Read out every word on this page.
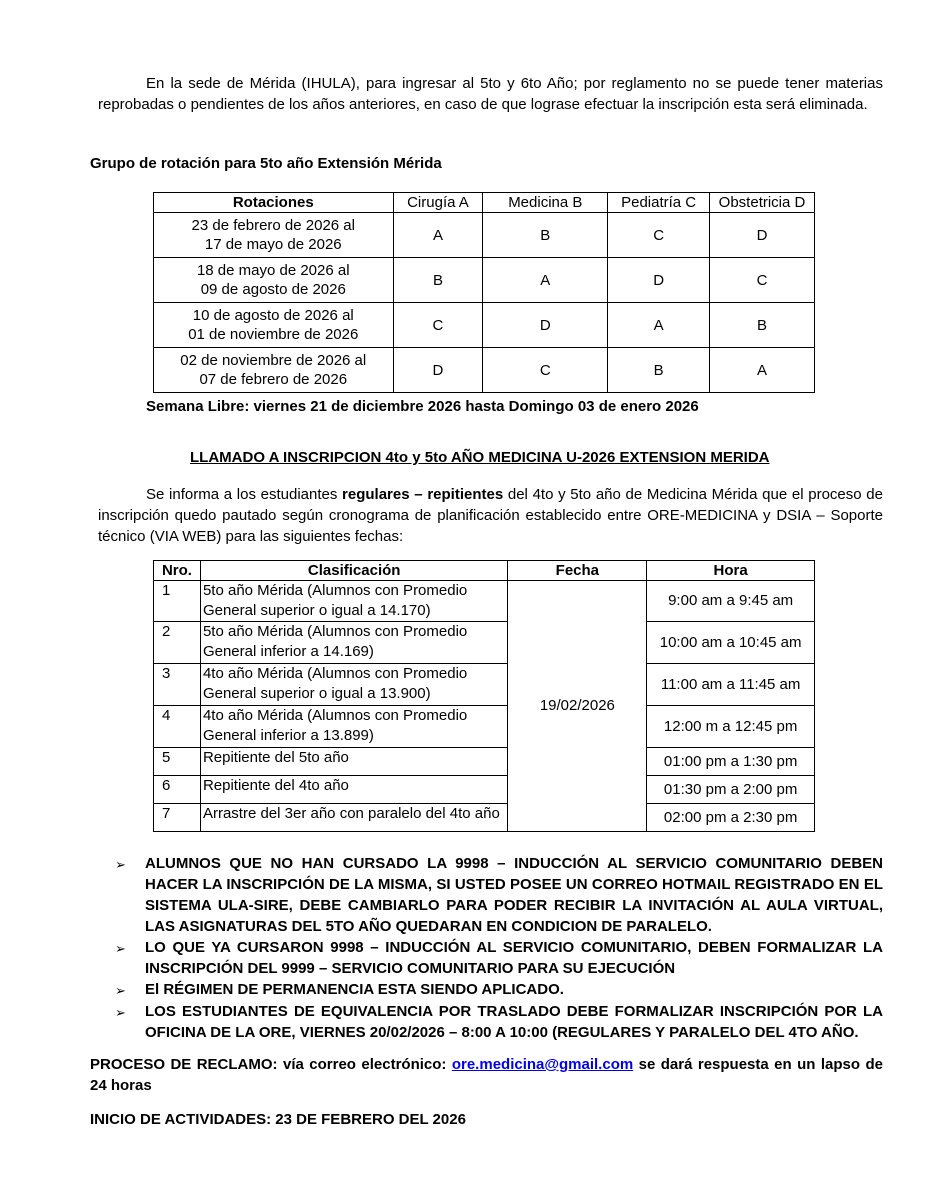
En la sede de Mérida (IHULA), para ingresar al 5to y 6to Año; por reglamento no se puede tener materias reprobadas o pendientes de los años anteriores, en caso de que lograse efectuar la inscripción esta será eliminada.
Grupo de rotación para 5to año Extensión Mérida
Rotaciones	Cirugía A	Medicina B	Pediatría C	Obstetricia D
23 de febrero de 2026 al
17 de mayo de 2026	A	B	C	D
18 de mayo de 2026 al
09 de agosto de 2026	B	A	D	C
10 de agosto de 2026 al
01 de noviembre de 2026	C	D	A	B
02 de noviembre de 2026 al
07 de febrero de 2026	D	C	B	A
Semana Libre: viernes 21 de diciembre 2026 hasta Domingo 03 de enero 2026
LLAMADO A INSCRIPCION 4to y 5to AÑO MEDICINA U-2026 EXTENSION MERIDA
Se informa a los estudiantes regulares – repitientes del 4to y 5to año de Medicina Mérida que el proceso de inscripción quedo pautado según cronograma de planificación establecido entre ORE-MEDICINA y DSIA – Soporte técnico (VIA WEB) para las siguientes fechas:
Nro.	Clasificación	Fecha	Hora
1	5to año Mérida (Alumnos con Promedio General superior o igual a 14.170)	19/02/2026	9:00 am a 9:45 am
2	5to año Mérida (Alumnos con Promedio General inferior a 14.169)		10:00 am a 10:45 am
3	4to año Mérida (Alumnos con Promedio General superior o igual a 13.900)		11:00 am a 11:45 am
4	4to año Mérida (Alumnos con Promedio General inferior a 13.899)		12:00 m a 12:45 pm
5	Repitiente del 5to año		01:00 pm a 1:30 pm
6	Repitiente del 4to año		01:30 pm a 2:00 pm
7	Arrastre del 3er año con paralelo del 4to año		02:00 pm a 2:30 pm
➢	ALUMNOS QUE NO HAN CURSADO LA 9998 – INDUCCIÓN AL SERVICIO COMUNITARIO DEBEN HACER LA INSCRIPCIÓN DE LA MISMA, SI USTED POSEE UN CORREO HOTMAIL REGISTRADO EN EL SISTEMA ULA-SIRE, DEBE CAMBIARLO PARA PODER RECIBIR LA INVITACIÓN AL AULA VIRTUAL, LAS ASIGNATURAS DEL 5TO AÑO QUEDARAN EN CONDICION DE PARALELO.
➢	LO QUE YA CURSARON 9998 – INDUCCIÓN AL SERVICIO COMUNITARIO, DEBEN FORMALIZAR LA INSCRIPCIÓN DEL 9999 – SERVICIO COMUNITARIO PARA SU EJECUCIÓN
➢	El RÉGIMEN DE PERMANENCIA ESTA SIENDO APLICADO.
➢	LOS ESTUDIANTES DE EQUIVALENCIA POR TRASLADO DEBE FORMALIZAR INSCRIPCIÓN POR LA OFICINA DE LA ORE, VIERNES 20/02/2026 – 8:00 A 10:00 (REGULARES Y PARALELO DEL 4TO AÑO.
PROCESO DE RECLAMO: vía correo electrónico: ore.medicina@gmail.com se dará respuesta en un lapso de 24 horas
INICIO DE ACTIVIDADES: 23 DE FEBRERO DEL 2026
